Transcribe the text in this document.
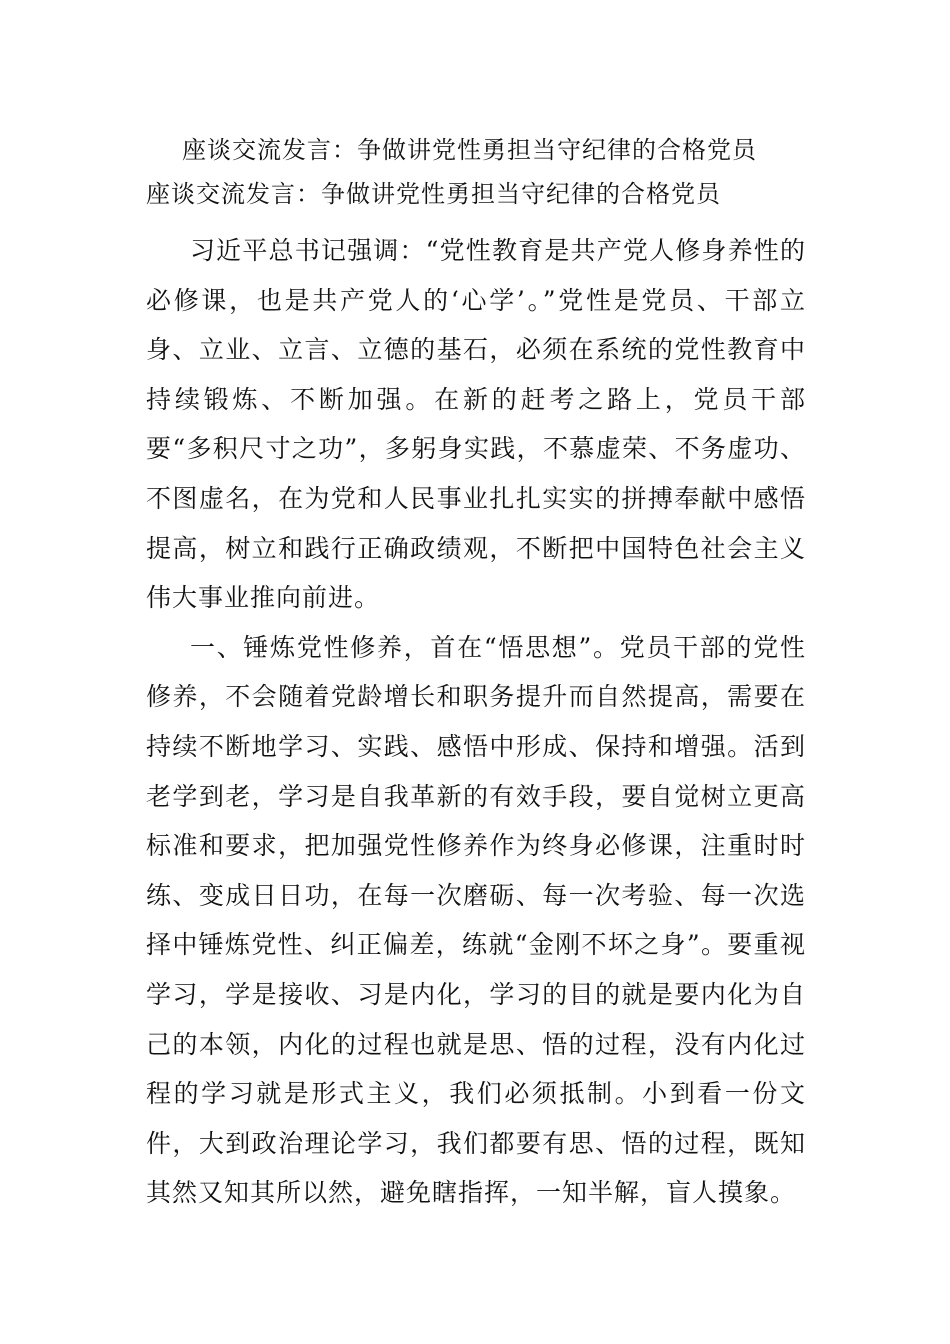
座谈交流发言：争做讲党性勇担当守纪律的合格党员
座谈交流发言：争做讲党性勇担当守纪律的合格党员

习近平总书记强调：“党性教育是共产党人修身养性的必修课，也是共产党人的‘心学’。”党性是党员、干部立身、立业、立言、立德的基石，必须在系统的党性教育中持续锻炼、不断加强。在新的赶考之路上，党员干部要“多积尺寸之功”，多躬身实践，不慕虚荣、不务虚功、不图虚名，在为党和人民事业扎扎实实的拼搏奉献中感悟提高，树立和践行正确政绩观，不断把中国特色社会主义伟大事业推向前进。

一、锤炼党性修养，首在“悟思想”。党员干部的党性修养，不会随着党龄增长和职务提升而自然提高，需要在持续不断地学习、实践、感悟中形成、保持和增强。活到老学到老，学习是自我革新的有效手段，要自觉树立更高标准和要求，把加强党性修养作为终身必修课，注重时时练、变成日日功，在每一次磨砺、每一次考验、每一次选择中锤炼党性、纠正偏差，练就“金刚不坏之身”。要重视学习，学是接收、习是内化，学习的目的就是要内化为自己的本领，内化的过程也就是思、悟的过程，没有内化过程的学习就是形式主义，我们必须抵制。小到看一份文件，大到政治理论学习，我们都要有思、悟的过程，既知其然又知其所以然，避免瞎指挥，一知半解，盲人摸象。
